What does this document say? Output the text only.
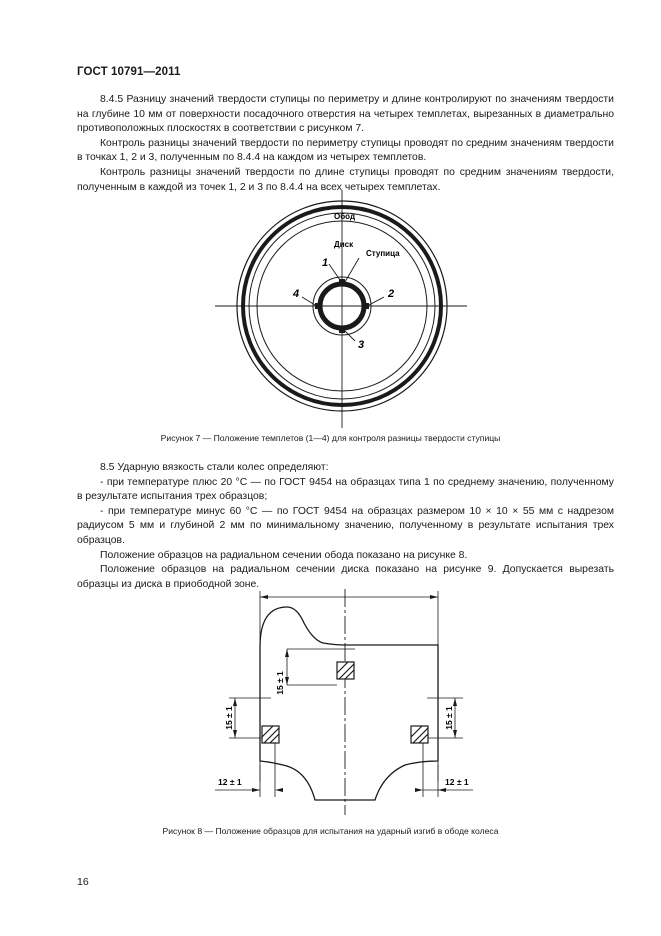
ГОСТ 10791—2011

8.4.5 Разницу значений твердости ступицы по периметру и длине контролируют по значениям твердости на глубине 10 мм от поверхности посадочного отверстия на четырех темплетах, вырезанных в диаметрально противоположных плоскостях в соответствии с рисунком 7.

Контроль разницы значений твердости по периметру ступицы проводят по средним значениям твердости в точках 1, 2 и 3, полученным по 8.4.4 на каждом из четырех темплетов.

Контроль разницы значений твердости по длине ступицы проводят по средним значениям твердости, полученным в каждой из точек 1, 2 и 3 по 8.4.4 на всех четырех темплетах.

Обод
Диск
Ступица
1
2
3
4
Рисунок 7 — Положение темплетов (1—4) для контроля разницы твердости ступицы

8.5 Ударную вязкость стали колес определяют:

- при температуре плюс 20 °С — по ГОСТ 9454 на образцах типа 1 по среднему значению, полученному в результате испытания трех образцов;

- при температуре минус 60 °С — по ГОСТ 9454 на образцах размером 10 × 10 × 55 мм с надрезом радиусом 5 мм и глубиной 2 мм по минимальному значению, полученному в результате испытания трех образцов.

Положение образцов на радиальном сечении обода показано на рисунке 8.

Положение образцов на радиальном сечении диска показано на рисунке 9. Допускается вырезать образцы из диска в приободной зоне.

15 ± 1
15 ± 1	15 ± 1
12 ± 1	12 ± 1
Рисунок 8 — Положение образцов для испытания на ударный изгиб в ободе колеса
16
